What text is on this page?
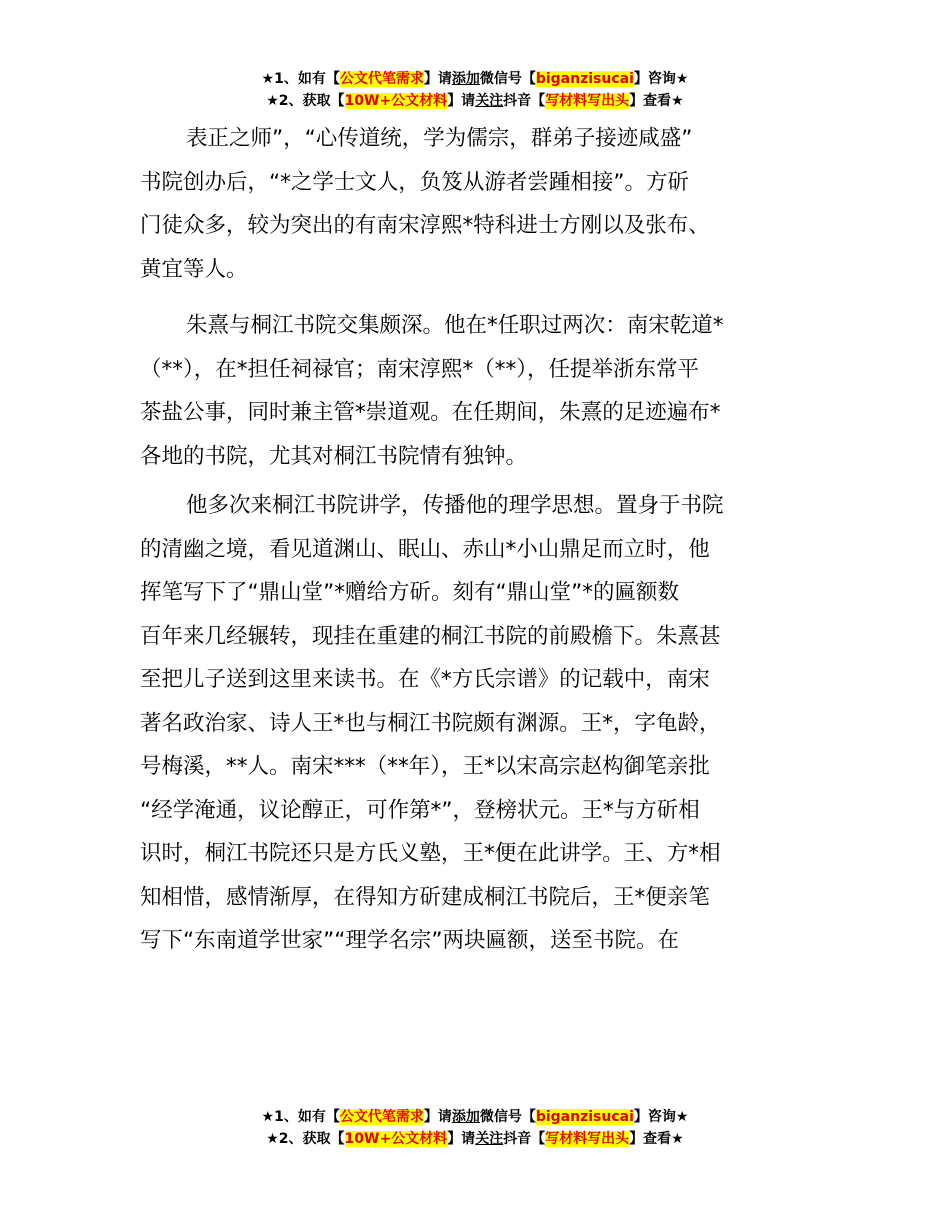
★1、如有【公文代笔需求】请添加微信号【biganzisucai】咨询★
★2、获取【10W+公文材料】请关注抖音【写材料写出头】查看★

表正之师”，“心传道统，学为儒宗，群弟子接迹咸盛”
书院创办后，“*之学士文人，负笈从游者尝踵相接”。方斫
门徒众多，较为突出的有南宋淳熙*特科进士方刚以及张布、
黄宜等人。

朱熹与桐江书院交集颇深。他在*任职过两次：南宋乾道*
（**），在*担任祠禄官；南宋淳熙*（**），任提举浙东常平
茶盐公事，同时兼主管*崇道观。在任期间，朱熹的足迹遍布*
各地的书院，尤其对桐江书院情有独钟。

他多次来桐江书院讲学，传播他的理学思想。置身于书院
的清幽之境，看见道渊山、眠山、赤山*小山鼎足而立时，他
挥笔写下了“鼎山堂”*赠给方斫。刻有“鼎山堂”*的匾额数
百年来几经辗转，现挂在重建的桐江书院的前殿檐下。朱熹甚
至把儿子送到这里来读书。在《*方氏宗谱》的记载中，南宋
著名政治家、诗人王*也与桐江书院颇有渊源。王*，字龟龄，
号梅溪，**人。南宋***（**年），王*以宋高宗赵构御笔亲批
“经学淹通，议论醇正，可作第*”，登榜状元。王*与方斫相
识时，桐江书院还只是方氏义塾，王*便在此讲学。王、方*相
知相惜，感情渐厚，在得知方斫建成桐江书院后，王*便亲笔
写下“东南道学世家”“理学名宗”两块匾额，送至书院。在

★1、如有【公文代笔需求】请添加微信号【biganzisucai】咨询★
★2、获取【10W+公文材料】请关注抖音【写材料写出头】查看★
